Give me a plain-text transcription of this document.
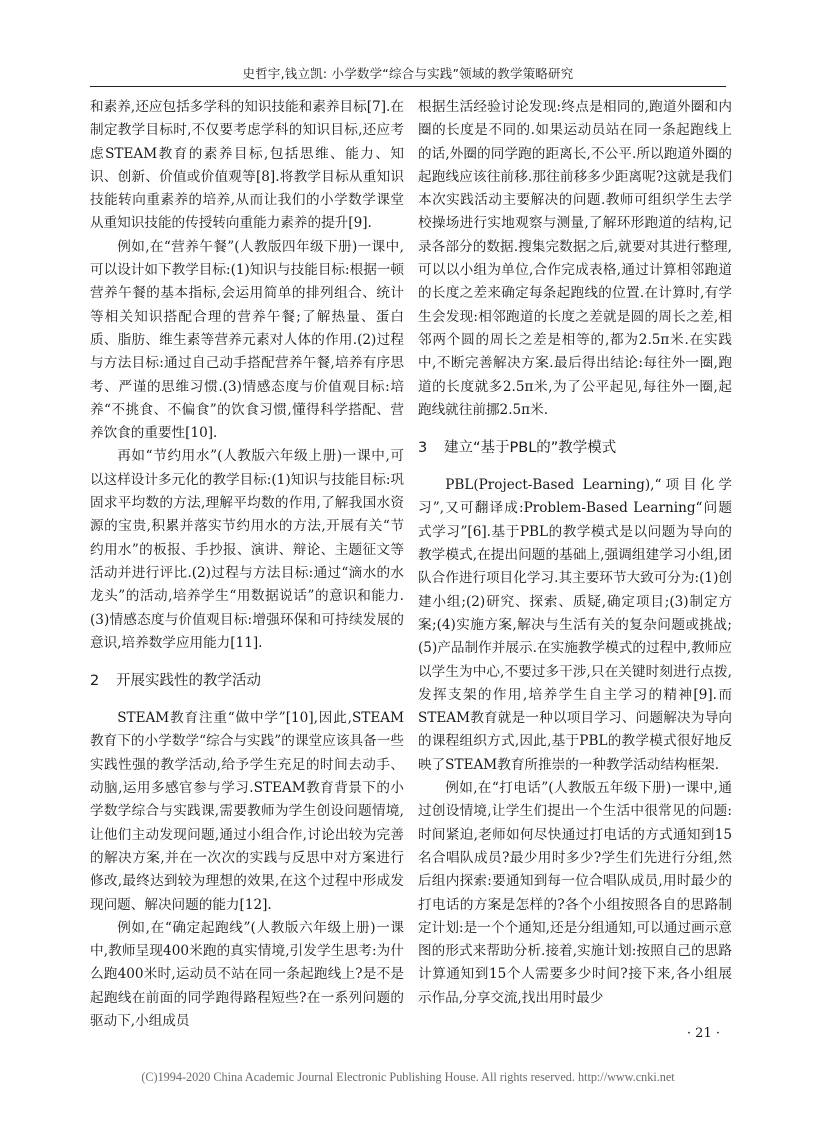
史哲宇,钱立凯: 小学数学“综合与实践”领域的教学策略研究

和素养,还应包括多学科的知识技能和素养目标[7].在制定教学目标时,不仅要考虑学科的知识目标,还应考虑STEAM教育的素养目标,包括思维、能力、知识、创新、价值或价值观等[8].将教学目标从重知识技能转向重素养的培养,从而让我们的小学数学课堂从重知识技能的传授转向重能力素养的提升[9].

例如,在“营养午餐”(人教版四年级下册)一课中,可以设计如下教学目标:(1)知识与技能目标:根据一顿营养午餐的基本指标,会运用简单的排列组合、统计等相关知识搭配合理的营养午餐;了解热量、蛋白质、脂肪、维生素等营养元素对人体的作用.(2)过程与方法目标:通过自己动手搭配营养午餐,培养有序思考、严谨的思维习惯.(3)情感态度与价值观目标:培养“不挑食、不偏食”的饮食习惯,懂得科学搭配、营养饮食的重要性[10].

再如“节约用水”(人教版六年级上册)一课中,可以这样设计多元化的教学目标:(1)知识与技能目标:巩固求平均数的方法,理解平均数的作用,了解我国水资源的宝贵,积累并落实节约用水的方法,开展有关“节约用水”的板报、手抄报、演讲、辩论、主题征文等活动并进行评比.(2)过程与方法目标:通过“滴水的水龙头”的活动,培养学生“用数据说话”的意识和能力.(3)情感态度与价值观目标:增强环保和可持续发展的意识,培养数学应用能力[11].

2 开展实践性的教学活动

STEAM教育注重“做中学”[10],因此,STEAM教育下的小学数学“综合与实践”的课堂应该具备一些实践性强的教学活动,给予学生充足的时间去动手、动脑,运用多感官参与学习.STEAM教育背景下的小学数学综合与实践课,需要教师为学生创设问题情境,让他们主动发现问题,通过小组合作,讨论出较为完善的解决方案,并在一次次的实践与反思中对方案进行修改,最终达到较为理想的效果,在这个过程中形成发现问题、解决问题的能力[12].

例如,在“确定起跑线”(人教版六年级上册)一课中,教师呈现400米跑的真实情境,引发学生思考:为什么跑400米时,运动员不站在同一条起跑线上?是不是起跑线在前面的同学跑得路程短些?在一系列问题的驱动下,小组成员

根据生活经验讨论发现:终点是相同的,跑道外圈和内圈的长度是不同的.如果运动员站在同一条起跑线上的话,外圈的同学跑的距离长,不公平.所以跑道外圈的起跑线应该往前移.那往前移多少距离呢?这就是我们本次实践活动主要解决的问题.教师可组织学生去学校操场进行实地观察与测量,了解环形跑道的结构,记录各部分的数据.搜集完数据之后,就要对其进行整理,可以以小组为单位,合作完成表格,通过计算相邻跑道的长度之差来确定每条起跑线的位置.在计算时,有学生会发现:相邻跑道的长度之差就是圆的周长之差,相邻两个圆的周长之差是相等的,都为2.5π米.在实践中,不断完善解决方案.最后得出结论:每往外一圈,跑道的长度就多2.5π米,为了公平起见,每往外一圈,起跑线就往前挪2.5π米.

3 建立“基于PBL的”教学模式

PBL(Project-Based Learning),“项目化学习”,又可翻译成:Problem-Based Learning“问题式学习”[6].基于PBL的教学模式是以问题为导向的教学模式,在提出问题的基础上,强调组建学习小组,团队合作进行项目化学习.其主要环节大致可分为:(1)创建小组;(2)研究、探索、质疑,确定项目;(3)制定方案;(4)实施方案,解决与生活有关的复杂问题或挑战;(5)产品制作并展示.在实施教学模式的过程中,教师应以学生为中心,不要过多干涉,只在关键时刻进行点拨,发挥支架的作用,培养学生自主学习的精神[9].而STEAM教育就是一种以项目学习、问题解决为导向的课程组织方式,因此,基于PBL的教学模式很好地反映了STEAM教育所推崇的一种教学活动结构框架.

例如,在“打电话”(人教版五年级下册)一课中,通过创设情境,让学生们提出一个生活中很常见的问题:时间紧迫,老师如何尽快通过打电话的方式通知到15名合唱队成员?最少用时多少?学生们先进行分组,然后组内探索:要通知到每一位合唱队成员,用时最少的打电话的方案是怎样的?各个小组按照各自的思路制定计划:是一个个通知,还是分组通知,可以通过画示意图的形式来帮助分析.接着,实施计划:按照自己的思路计算通知到15个人需要多少时间?接下来,各小组展示作品,分享交流,找出用时最少

· 21 ·
(C)1994-2020 China Academic Journal Electronic Publishing House. All rights reserved. http://www.cnki.net
